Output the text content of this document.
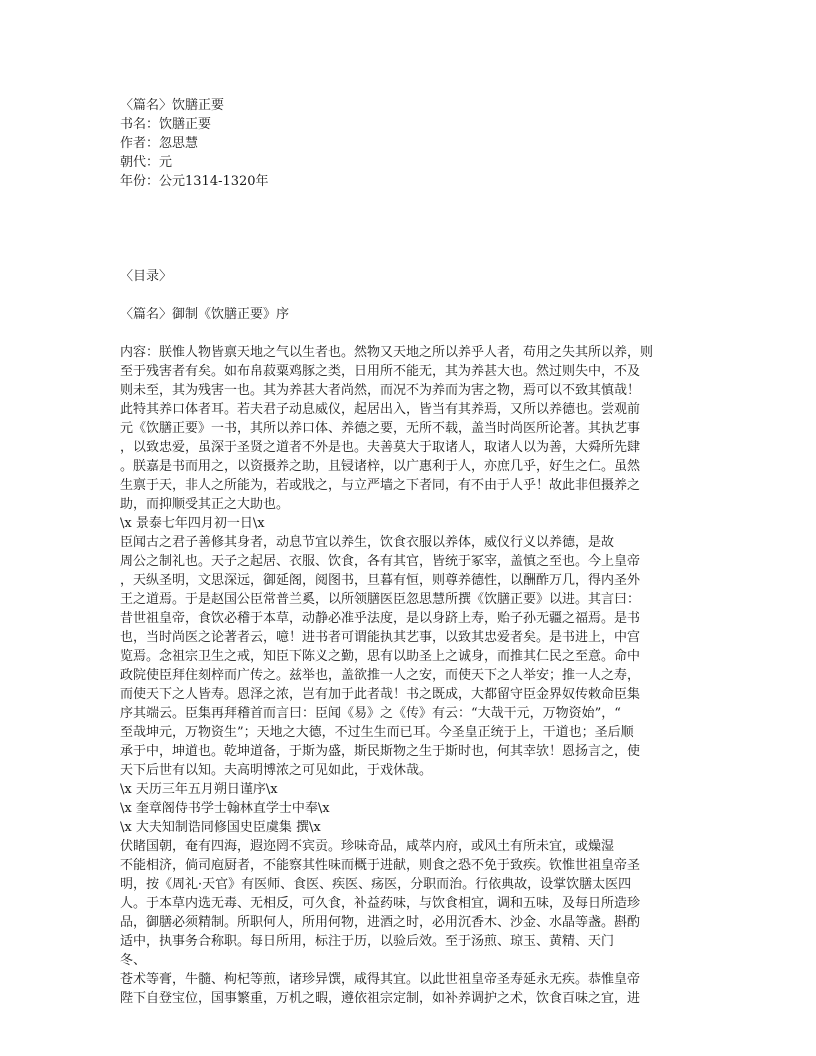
〈篇名〉饮膳正要
书名：饮膳正要
作者：忽思慧
朝代：元
年份：公元1314-1320年
〈目录〉
〈篇名〉御制《饮膳正要》序
内容：朕惟人物皆禀天地之气以生者也。然物又天地之所以养乎人者，苟用之失其所以养，则
至于残害者有矣。如布帛菽粟鸡豚之类，日用所不能无，其为养甚大也。然过则失中，不及
则未至，其为残害一也。其为养甚大者尚然，而况不为养而为害之物，焉可以不致其慎哉！
此特其养口体者耳。若夫君子动息威仪，起居出入，皆当有其养焉，又所以养德也。尝观前
元《饮膳正要》一书，其所以养口体、养德之要，无所不载，盖当时尚医所论著。其执艺事
，以致忠爱，虽深于圣贤之道者不外是也。夫善莫大于取诸人，取诸人以为善，大舜所先肆
。朕嘉是书而用之，以资摄养之助，且锓诸梓，以广惠利于人，亦庶几乎，好生之仁。虽然
生禀于天，非人之所能为，若或戕之，与立严墙之下者同，有不由于人乎！故此非但摄养之
助，而抑顺受其正之大助也。
\x 景泰七年四月初一日\x
臣闻古之君子善修其身者，动息节宜以养生，饮食衣服以养体，威仪行义以养德，是故
周公之制礼也。天子之起居、衣服、饮食，各有其官，皆统于冢宰，盖慎之至也。今上皇帝
，天纵圣明，文思深远，御延阁，阅图书，旦暮有恒，则尊养德性，以酬酢万几，得内圣外
王之道焉。于是赵国公臣常普兰奚，以所领膳医臣忽思慧所撰《饮膳正要》以进。其言曰：
昔世祖皇帝，食饮必稽于本草，动静必准乎法度，是以身跻上寿，贻子孙无疆之福焉。是书
也，当时尚医之论著者云，噫！进书者可谓能执其艺事，以致其忠爱者矣。是书进上，中宫
览焉。念祖宗卫生之戒，知臣下陈义之勤，思有以助圣上之诚身，而推其仁民之至意。命中
政院使臣拜住刻梓而广传之。兹举也，盖欲推一人之安，而使天下之人举安；推一人之寿，
而使天下之人皆寿。恩泽之浓，岂有加于此者哉！书之既成，大都留守臣金界奴传敕命臣集
序其端云。臣集再拜稽首而言曰：臣闻《易》之《传》有云：“大哉干元，万物资始”，“
至哉坤元，万物资生”；天地之大德，不过生生而已耳。今圣皇正统于上，干道也；圣后顺
承于中，坤道也。乾坤道备，于斯为盛，斯民斯物之生于斯时也，何其幸欤！恩扬言之，使
天下后世有以知。夫高明博浓之可见如此，于戏休哉。
\x 天历三年五月朔日谨序\x
\x 奎章阁侍书学士翰林直学士中奉\x
\x 大夫知制诰同修国史臣虞集 撰\x
伏睹国朝，奄有四海，遐迩罔不宾贡。珍味奇品，咸萃内府，或风土有所未宜，或燥湿
不能相济，倘司庖厨者，不能察其性味而概于进献，则食之恐不免于致疾。钦惟世祖皇帝圣
明，按《周礼·天官》有医师、食医、疾医、疡医，分职而治。行依典故，设掌饮膳太医四
人。于本草内选无毒、无相反，可久食，补益药味，与饮食相宜，调和五味，及每日所造珍
品，御膳必须精制。所职何人，所用何物，进酒之时，必用沉香木、沙金、水晶等盏。斟酌
适中，执事务合称职。每日所用，标注于历，以验后效。至于汤煎、琼玉、黄精、天门
冬、
苍术等膏，牛髓、枸杞等煎，诸珍异馔，咸得其宜。以此世祖皇帝圣寿延永无疾。恭惟皇帝
陛下自登宝位，国事繁重，万机之暇，遵依祖宗定制，如补养调护之术，饮食百味之宜，进
